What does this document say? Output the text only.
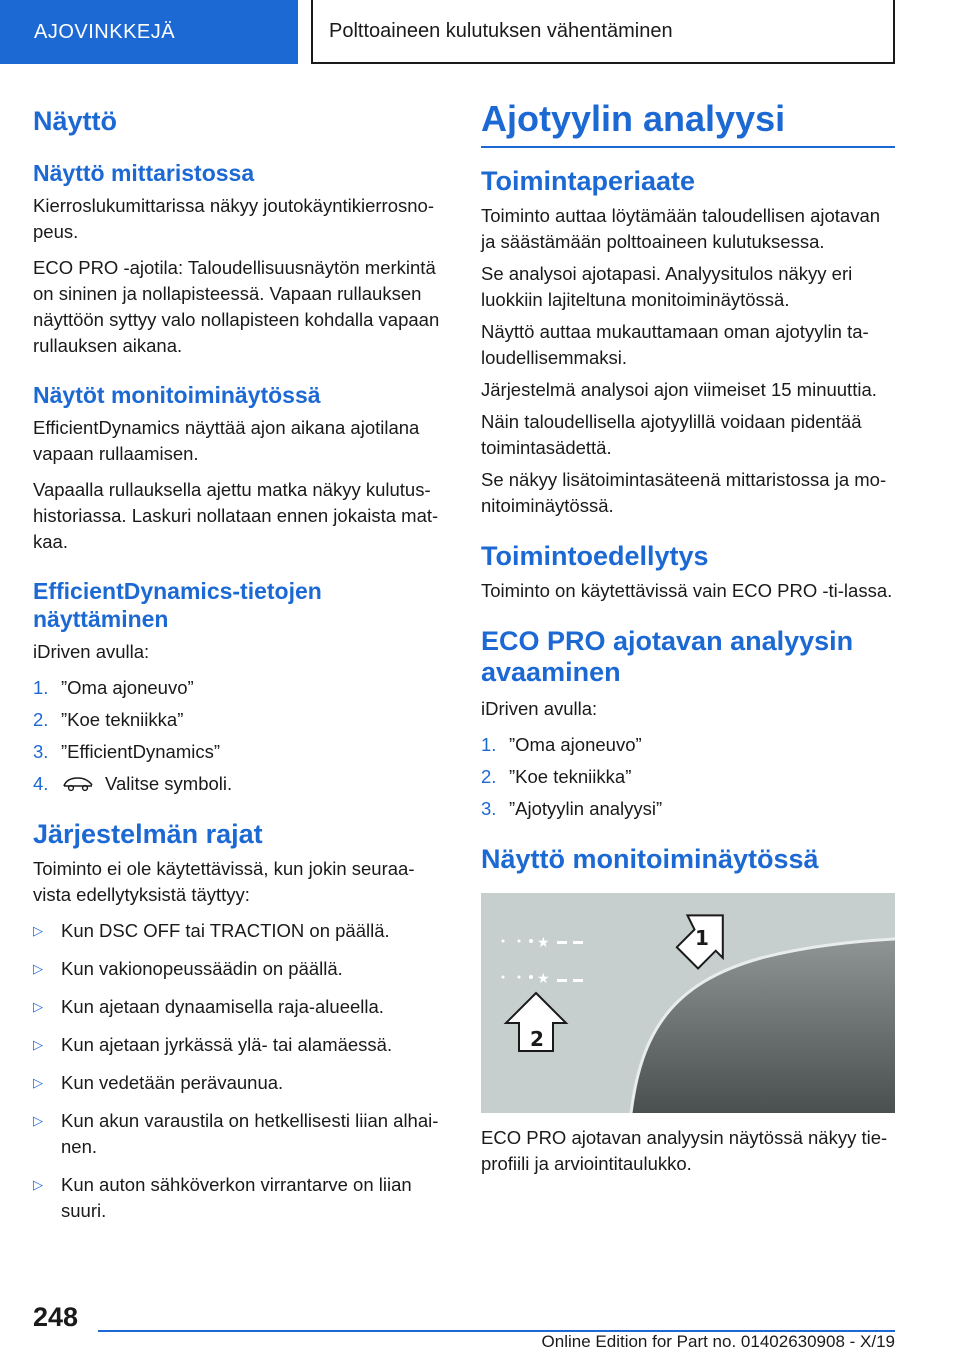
AJOVINKKEJÄ	Polttoaineen kulutuksen vähentäminen
Näyttö
Näyttö mittaristossa

Kierroslukumittarissa näkyy joutokäyntikierrosno-peus.

ECO PRO -ajotila: Taloudellisuusnäytön merkintä on sininen ja nollapisteessä. Vapaan rullauksen näyttöön syttyy valo nollapisteen kohdalla vapaan rullauksen aikana.

Näytöt monitoiminäytössä

EfficientDynamics näyttää ajon aikana ajotilana vapaan rullaamisen.

Vapaalla rullauksella ajettu matka näkyy kulutus-historiassa. Laskuri nollataan ennen jokaista mat-kaa.

EfficientDynamics-tietojen näyttäminen

iDriven avulla:

1. ”Oma ajoneuvo”
2. ”Koe tekniikka”
3. ”EfficientDynamics”
4.	Valitse symboli.
Järjestelmän rajat

Toiminto ei ole käytettävissä, kun jokin seuraa-vista edellytyksistä täyttyy:

▷ Kun DSC OFF tai TRACTION on päällä.
▷ Kun vakionopeussäädin on päällä.
▷ Kun ajetaan dynaamisella raja-alueella.
▷ Kun ajetaan jyrkässä ylä- tai alamäessä.
▷ Kun vedetään perävaunua.
▷ Kun akun varaustila on hetkellisesti liian alhai-nen.
▷ Kun auton sähköverkon virrantarve on liian suuri.
Ajotyylin analyysi
Toimintaperiaate

Toiminto auttaa löytämään taloudellisen ajotavan ja säästämään polttoaineen kulutuksessa.

Se analysoi ajotapasi. Analyysitulos näkyy eri luokkiin lajiteltuna monitoiminäytössä.

Näyttö auttaa mukauttamaan oman ajotyylin ta-loudellisemmaksi.

Järjestelmä analysoi ajon viimeiset 15 minuuttia.

Näin taloudellisella ajotyylillä voidaan pidentää toimintasädettä.

Se näkyy lisätoimintasäteenä mittaristossa ja mo-nitoiminäytössä.

Toimintoedellytys

Toiminto on käytettävissä vain ECO PRO -ti-lassa.

ECO PRO ajotavan analyysin avaaminen

iDriven avulla:

1. ”Oma ajoneuvo”
2. ”Koe tekniikka”
3. ”Ajotyylin analyysi”
Näyttö monitoiminäytössä
★
★
1
2

ECO PRO ajotavan analyysin näytössä näkyy tie-profiili ja arviointitaulukko.

248
Online Edition for Part no. 01402630908 - X/19
